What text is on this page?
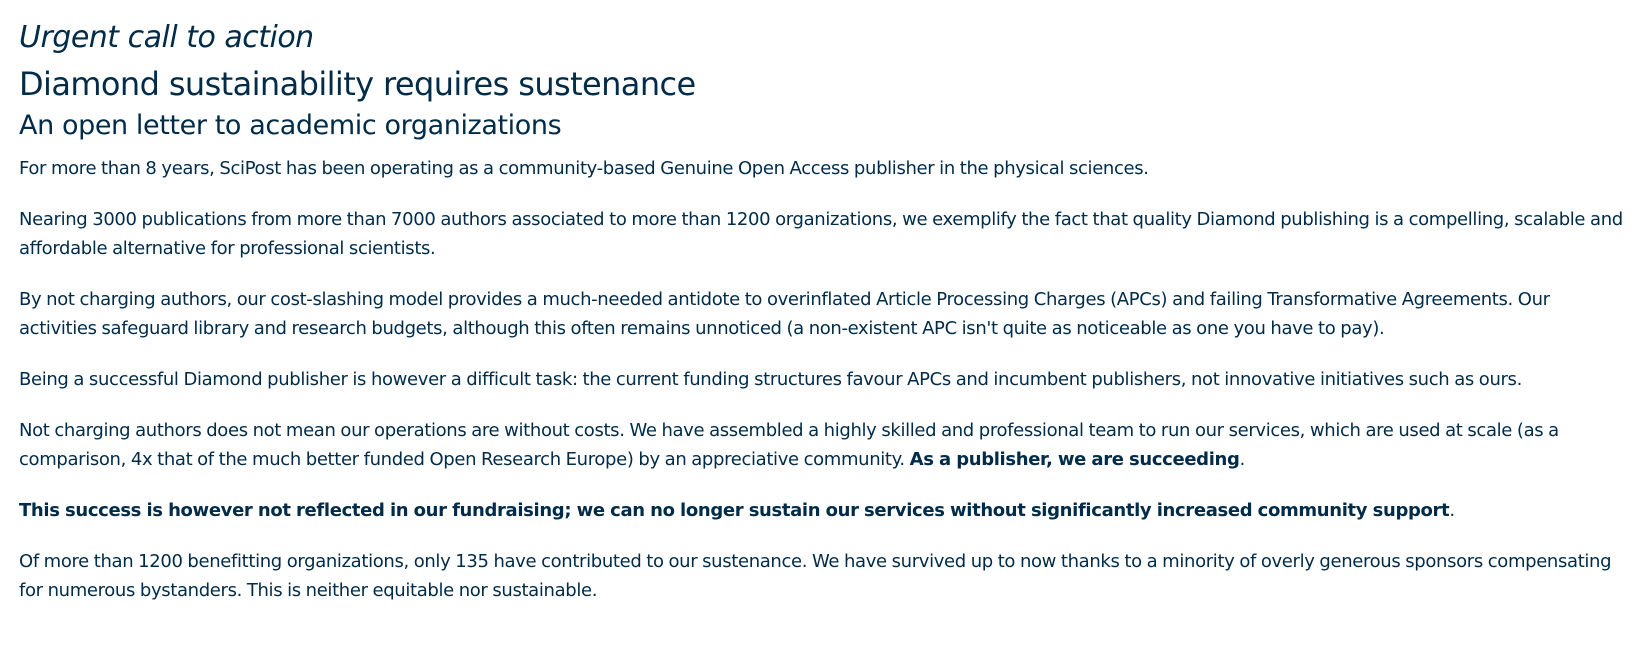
Urgent call to action
Diamond sustainability requires sustenance
An open letter to academic organizations

For more than 8 years, SciPost has been operating as a community-based Genuine Open Access publisher in the physical sciences.

Nearing 3000 publications from more than 7000 authors associated to more than 1200 organizations, we exemplify the fact that quality Diamond publishing is a compelling, scalable and affordable alternative for professional scientists.

By not charging authors, our cost-slashing model provides a much-needed antidote to overinflated Article Processing Charges (APCs) and failing Transformative Agreements. Our activities safeguard library and research budgets, although this often remains unnoticed (a non-existent APC isn't quite as noticeable as one you have to pay).

Being a successful Diamond publisher is however a difficult task: the current funding structures favour APCs and incumbent publishers, not innovative initiatives such as ours.

Not charging authors does not mean our operations are without costs. We have assembled a highly skilled and professional team to run our services, which are used at scale (as a comparison, 4x that of the much better funded Open Research Europe) by an appreciative community. As a publisher, we are succeeding.

This success is however not reflected in our fundraising; we can no longer sustain our services without significantly increased community support.

Of more than 1200 benefitting organizations, only 135 have contributed to our sustenance. We have survived up to now thanks to a minority of overly generous sponsors compensating for numerous bystanders. This is neither equitable nor sustainable.
